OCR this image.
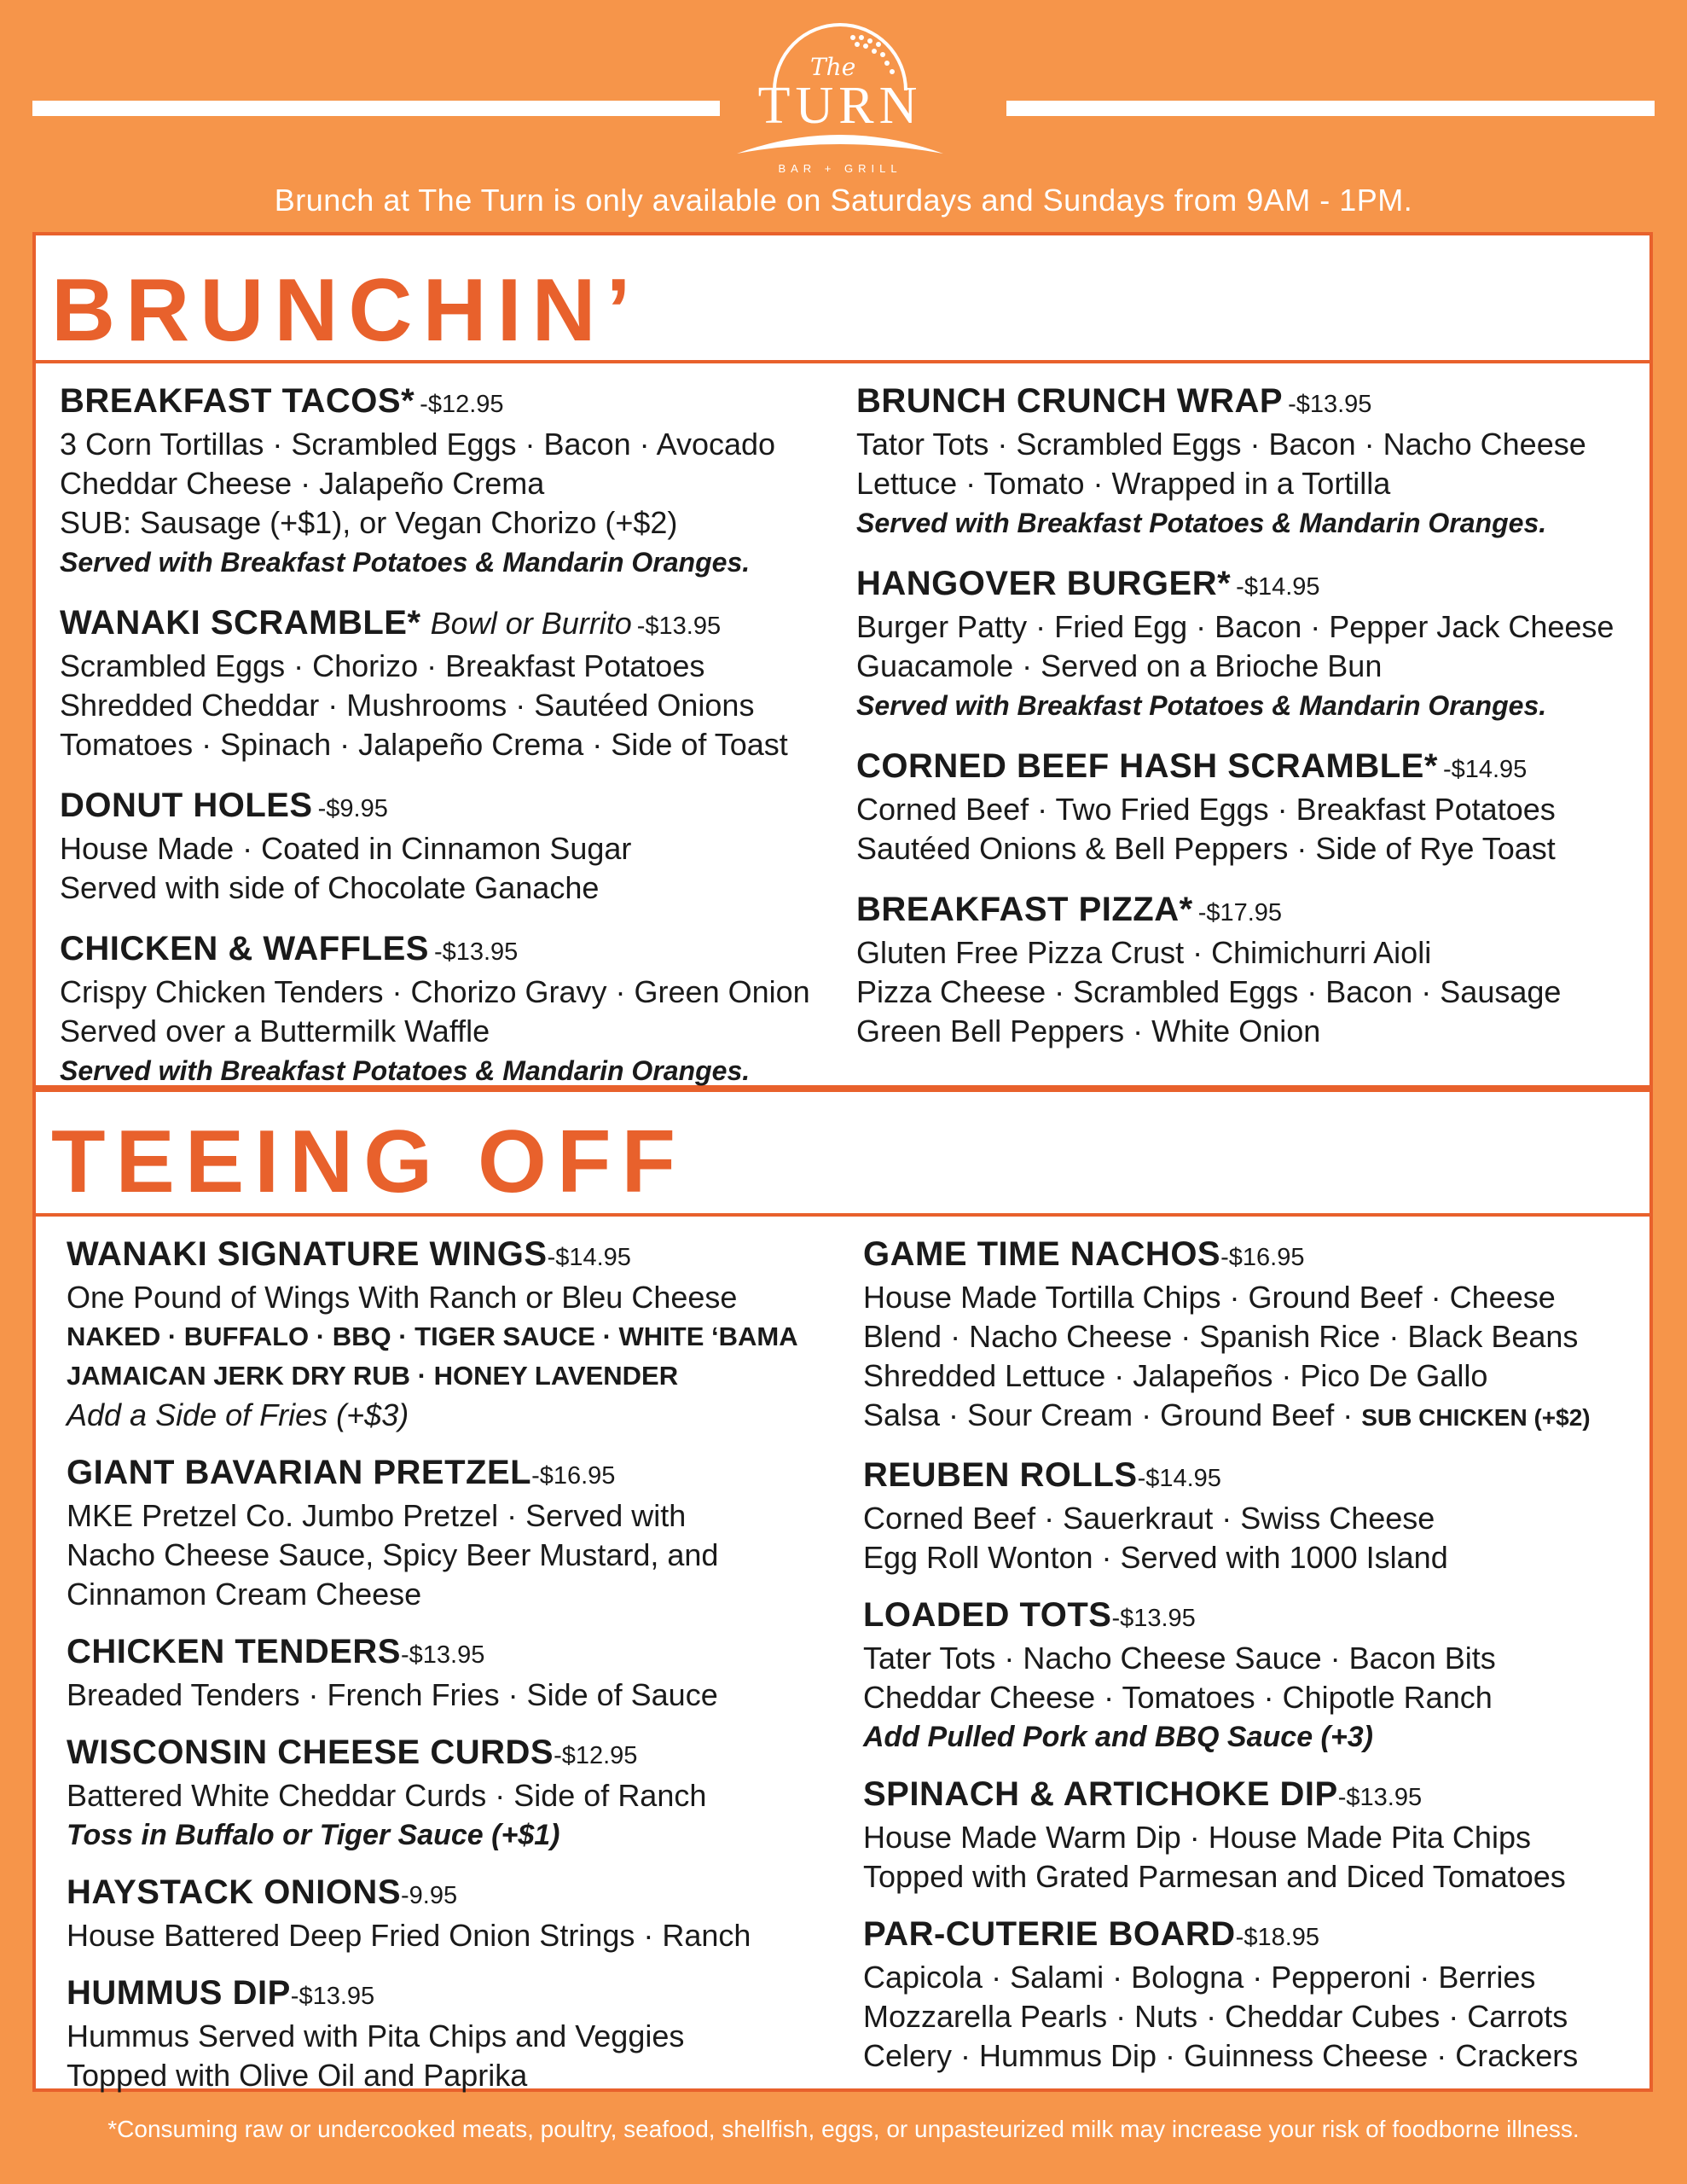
The
TURN
BAR + GRILL
Brunch at The Turn is only available on Saturdays and Sundays from 9AM - 1PM.
BRUNCHIN’
BREAKFAST TACOS* -$12.95
3 Corn Tortillas · Scrambled Eggs · Bacon · Avocado
Cheddar Cheese · Jalapeño Crema
SUB: Sausage (+$1), or Vegan Chorizo (+$2)
Served with Breakfast Potatoes & Mandarin Oranges.
WANAKI SCRAMBLE* Bowl or Burrito -$13.95
Scrambled Eggs · Chorizo · Breakfast Potatoes
Shredded Cheddar · Mushrooms · Sautéed Onions
Tomatoes · Spinach · Jalapeño Crema · Side of Toast
DONUT HOLES -$9.95
House Made · Coated in Cinnamon Sugar
Served with side of Chocolate Ganache
CHICKEN & WAFFLES -$13.95
Crispy Chicken Tenders · Chorizo Gravy · Green Onion
Served over a Buttermilk Waffle
Served with Breakfast Potatoes & Mandarin Oranges.
BRUNCH CRUNCH WRAP -$13.95
Tator Tots · Scrambled Eggs · Bacon · Nacho Cheese
Lettuce · Tomato · Wrapped in a Tortilla
Served with Breakfast Potatoes & Mandarin Oranges.
HANGOVER BURGER* -$14.95
Burger Patty · Fried Egg · Bacon · Pepper Jack Cheese
Guacamole · Served on a Brioche Bun
Served with Breakfast Potatoes & Mandarin Oranges.
CORNED BEEF HASH SCRAMBLE* -$14.95
Corned Beef · Two Fried Eggs · Breakfast Potatoes
Sautéed Onions & Bell Peppers · Side of Rye Toast
BREAKFAST PIZZA* -$17.95
Gluten Free Pizza Crust · Chimichurri Aioli
Pizza Cheese · Scrambled Eggs · Bacon · Sausage
Green Bell Peppers · White Onion
TEEING OFF
WANAKI SIGNATURE WINGS-$14.95
One Pound of Wings With Ranch or Bleu Cheese
NAKED · BUFFALO · BBQ · TIGER SAUCE · WHITE ‘BAMA
JAMAICAN JERK DRY RUB · HONEY LAVENDER
Add a Side of Fries (+$3)
GIANT BAVARIAN PRETZEL-$16.95
MKE Pretzel Co. Jumbo Pretzel · Served with
Nacho Cheese Sauce, Spicy Beer Mustard, and
Cinnamon Cream Cheese
CHICKEN TENDERS-$13.95
Breaded Tenders · French Fries · Side of Sauce
WISCONSIN CHEESE CURDS-$12.95
Battered White Cheddar Curds · Side of Ranch
Toss in Buffalo or Tiger Sauce (+$1)
HAYSTACK ONIONS-9.95
House Battered Deep Fried Onion Strings · Ranch
HUMMUS DIP-$13.95
Hummus Served with Pita Chips and Veggies
Topped with Olive Oil and Paprika
GAME TIME NACHOS-$16.95
House Made Tortilla Chips · Ground Beef · Cheese
Blend · Nacho Cheese · Spanish Rice · Black Beans
Shredded Lettuce · Jalapeños · Pico De Gallo
Salsa · Sour Cream · Ground Beef · SUB CHICKEN (+$2)
REUBEN ROLLS-$14.95
Corned Beef · Sauerkraut · Swiss Cheese
Egg Roll Wonton · Served with 1000 Island
LOADED TOTS-$13.95
Tater Tots · Nacho Cheese Sauce · Bacon Bits
Cheddar Cheese · Tomatoes · Chipotle Ranch
Add Pulled Pork and BBQ Sauce (+3)
SPINACH & ARTICHOKE DIP-$13.95
House Made Warm Dip · House Made Pita Chips
Topped with Grated Parmesan and Diced Tomatoes
PAR-CUTERIE BOARD-$18.95
Capicola · Salami · Bologna · Pepperoni · Berries
Mozzarella Pearls · Nuts · Cheddar Cubes · Carrots
Celery · Hummus Dip · Guinness Cheese · Crackers
*Consuming raw or undercooked meats, poultry, seafood, shellfish, eggs, or unpasteurized milk may increase your risk of foodborne illness.
